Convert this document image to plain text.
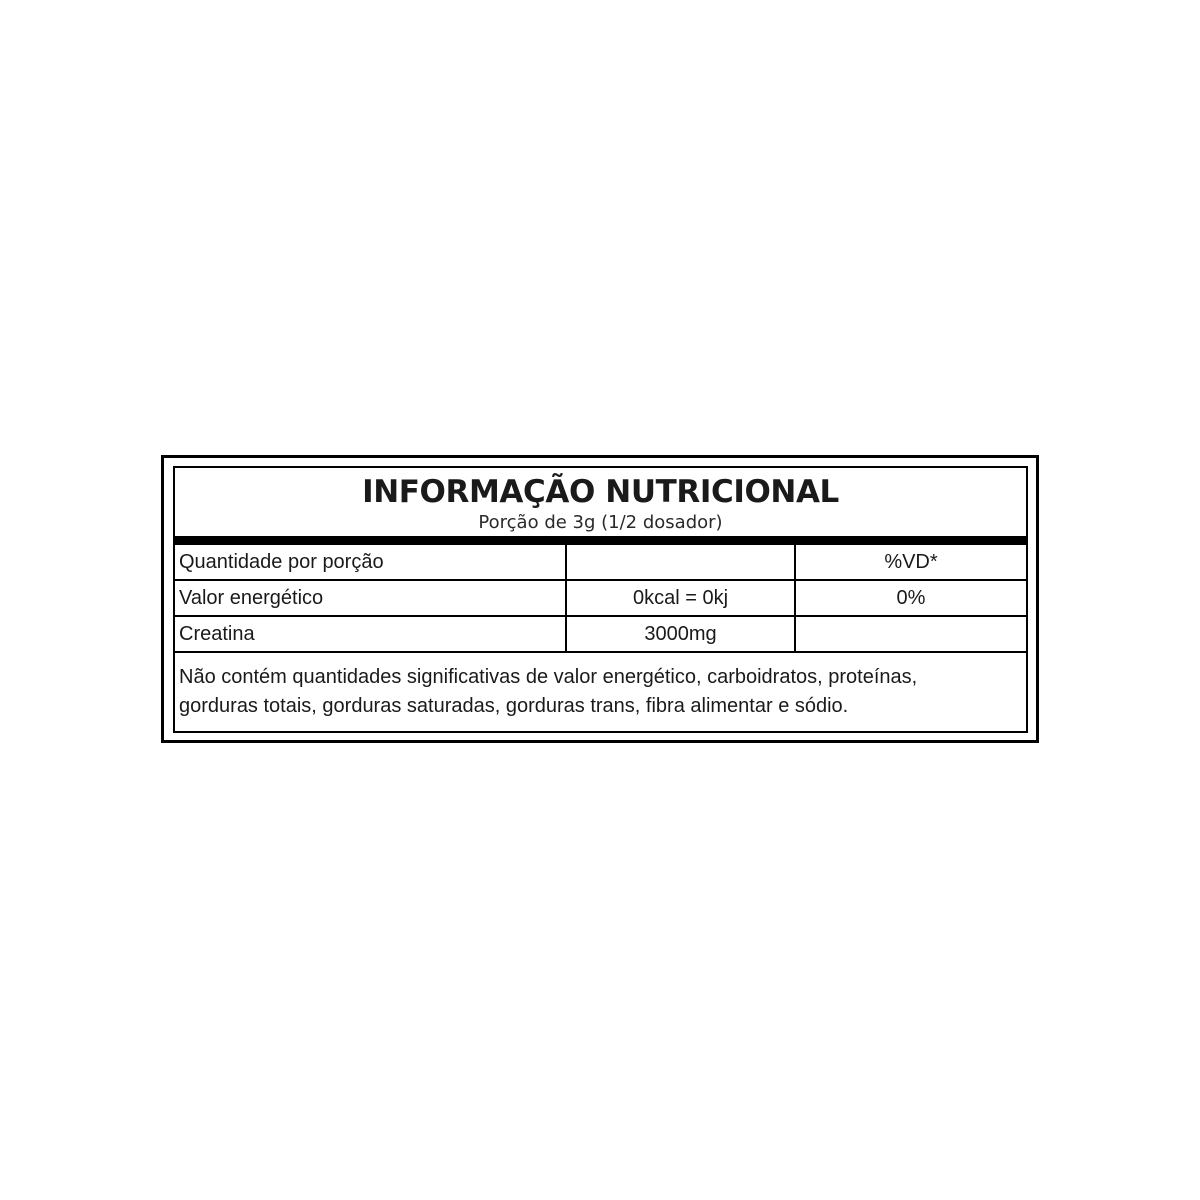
INFORMAÇÃO NUTRICIONAL
Porção de 3g (1/2 dosador)
Quantidade por porção		%VD*
Valor energético	0kcal = 0kj	0%
Creatina	3000mg	
Não contém quantidades significativas de valor energético, carboidratos, proteínas,
gorduras totais, gorduras saturadas, gorduras trans, fibra alimentar e sódio.
